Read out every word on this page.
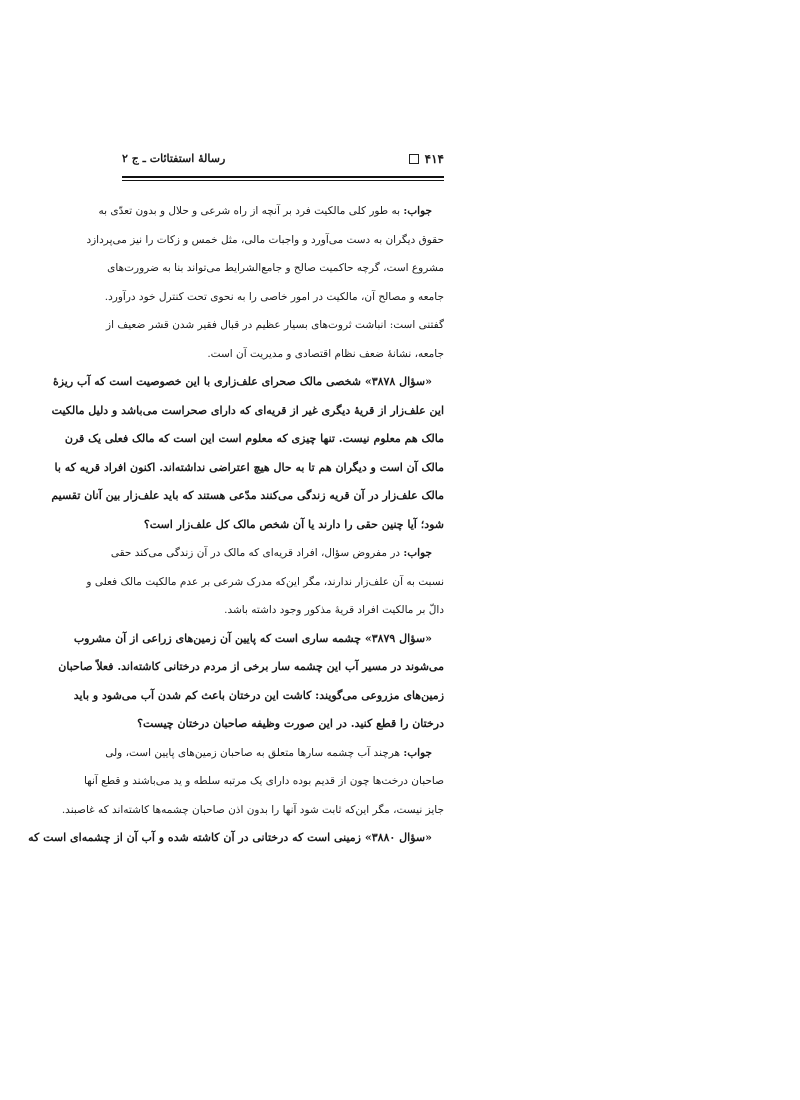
۴۱۴
رسالهٔ استفتائات ـ ج ۲
جواب: به طور کلی مالکیت فرد بر آنچه از راه شرعی و حلال و بدون تعدّی به
حقوق دیگران به دست می‌آورد و واجبات مالی، مثل خمس و زکات را نیز می‌پردازد
مشروع است، گرچه حاکمیت صالح و جامع‌الشرایط می‌تواند بنا به ضرورت‌های
جامعه و مصالح آن، مالکیت در امور خاصی را به نحوی تحت کنترل خود درآورد.
گفتنی است: انباشت ثروت‌های بسیار عظیم در قبال فقیر شدن قشر ضعیف از
جامعه، نشانهٔ ضعف نظام اقتصادی و مدیریت آن است.
«سؤال ۳۸۷۸» شخصی مالک صحرای علف‌زاری با این خصوصیت است که آب ریزهٔ
این علف‌زار از قریهٔ دیگری غیر از قریه‌ای که دارای صحراست می‌باشد و دلیل مالکیت
مالک هم معلوم نیست. تنها چیزی که معلوم است این است که مالک فعلی یک قرن
مالک آن است و دیگران هم تا به حال هیچ اعتراضی نداشته‌اند. اکنون افراد قریه که با
مالک علف‌زار در آن قریه زندگی می‌کنند مدّعی هستند که باید علف‌زار بین آنان تقسیم
شود؛ آیا چنین حقی را دارند یا آن شخص مالک کل علف‌زار است؟
جواب: در مفروض سؤال، افراد قریه‌ای که مالک در آن زندگی می‌کند حقی
نسبت به آن علف‌زار ندارند، مگر این‌که مدرک شرعی بر عدم مالکیت مالک فعلی و
دالّ بر مالکیت افراد قریهٔ مذکور وجود داشته باشد.
«سؤال ۳۸۷۹» چشمه ساری است که پایین آن زمین‌های زراعی از آن مشروب
می‌شوند در مسیر آب این چشمه سار برخی از مردم درختانی کاشته‌اند. فعلاً صاحبان
زمین‌های مزروعی می‌گویند: کاشت این درختان باعث کم شدن آب می‌شود و باید
درختان را قطع کنید. در این صورت وظیفه صاحبان درختان چیست؟
جواب: هرچند آب چشمه سارها متعلق به صاحبان زمین‌های پایین است، ولی
صاحبان درخت‌ها چون از قدیم بوده دارای یک مرتبه سلطه و ید می‌باشند و قطع آنها
جایز نیست، مگر این‌که ثابت شود آنها را بدون اذن صاحبان چشمه‌ها کاشته‌اند که غاصبند.
«سؤال ۳۸۸۰» زمینی است که درختانی در آن کاشته شده و آب آن از چشمه‌ای است که
